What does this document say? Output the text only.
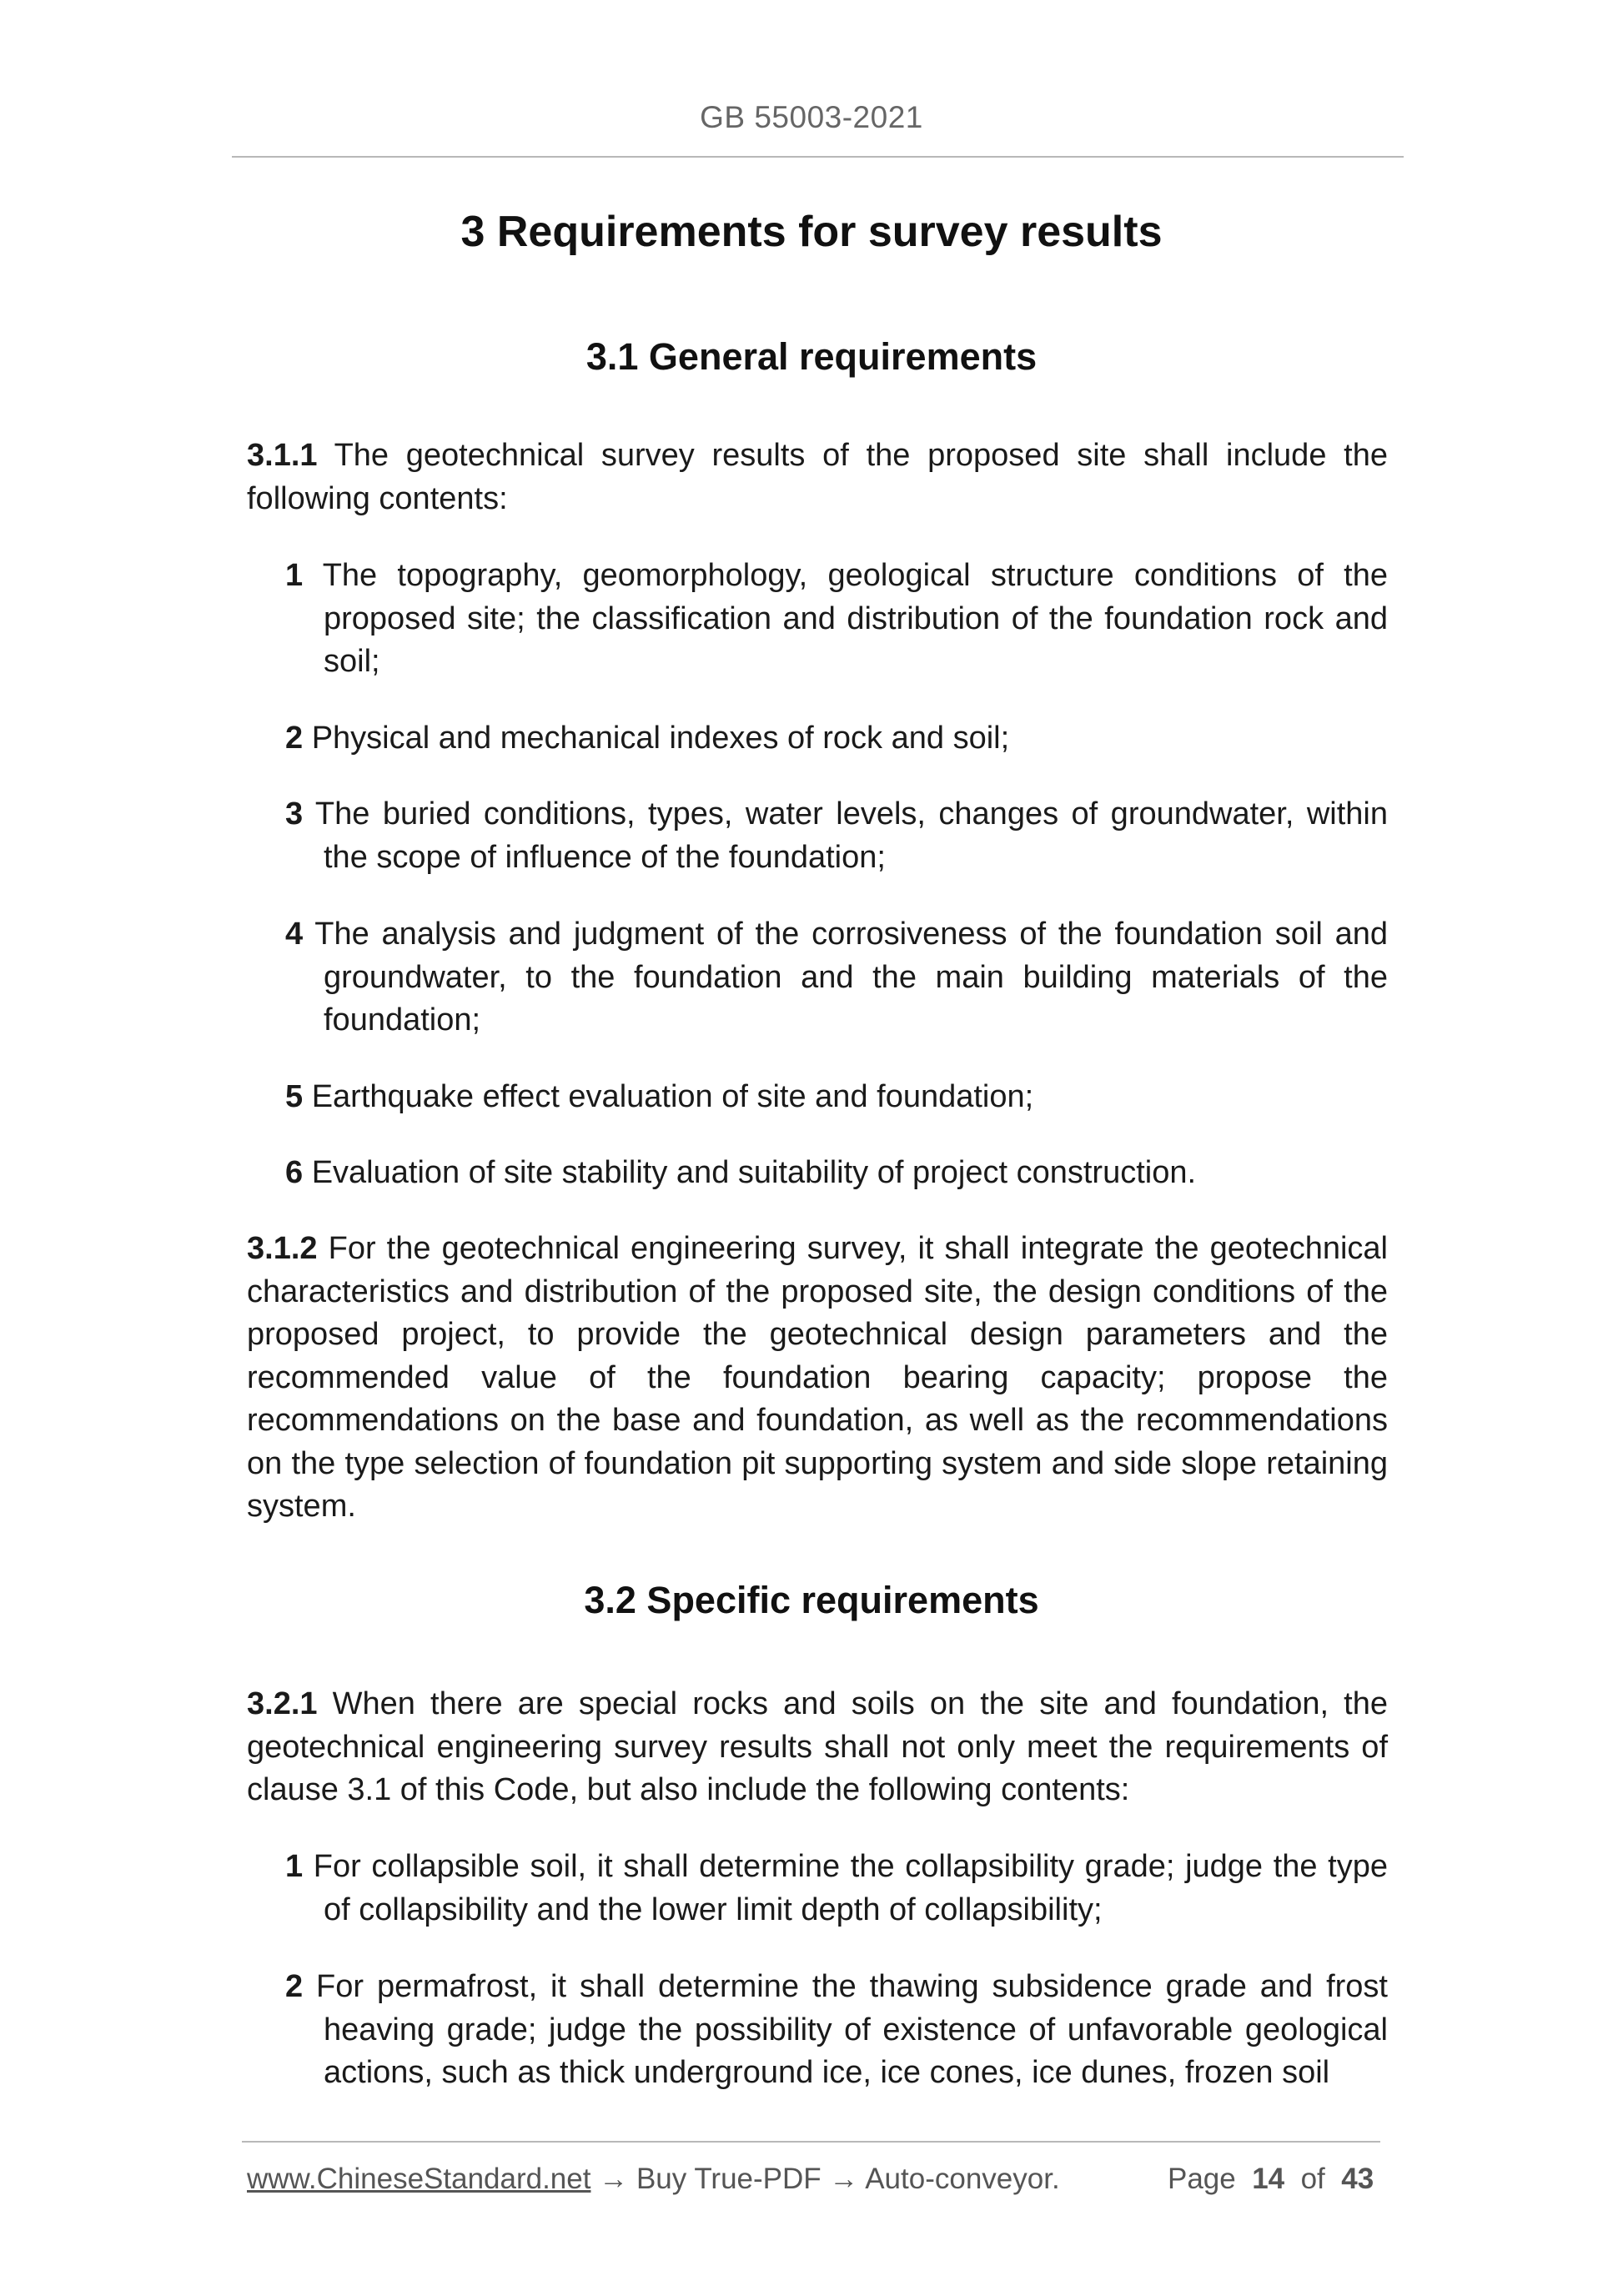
GB 55003-2021
3 Requirements for survey results
3.1 General requirements

3.1.1 The geotechnical survey results of the proposed site shall include the following contents:

1 The topography, geomorphology, geological structure conditions of the proposed site; the classification and distribution of the foundation rock and soil;

2 Physical and mechanical indexes of rock and soil;

3 The buried conditions, types, water levels, changes of groundwater, within the scope of influence of the foundation;

4 The analysis and judgment of the corrosiveness of the foundation soil and groundwater, to the foundation and the main building materials of the foundation;

5 Earthquake effect evaluation of site and foundation;

6 Evaluation of site stability and suitability of project construction.

3.1.2 For the geotechnical engineering survey, it shall integrate the geotechnical characteristics and distribution of the proposed site, the design conditions of the proposed project, to provide the geotechnical design parameters and the recommended value of the foundation bearing capacity; propose the recommendations on the base and foundation, as well as the recommendations on the type selection of foundation pit supporting system and side slope retaining system.

3.2 Specific requirements

3.2.1 When there are special rocks and soils on the site and foundation, the geotechnical engineering survey results shall not only meet the requirements of clause 3.1 of this Code, but also include the following contents:

1 For collapsible soil, it shall determine the collapsibility grade; judge the type of collapsibility and the lower limit depth of collapsibility;

2 For permafrost, it shall determine the thawing subsidence grade and frost heaving grade; judge the possibility of existence of unfavorable geological actions, such as thick underground ice, ice cones, ice dunes, frozen soil

www.ChineseStandard.net → Buy True-PDF → Auto-conveyor.	Page 14 of 43
